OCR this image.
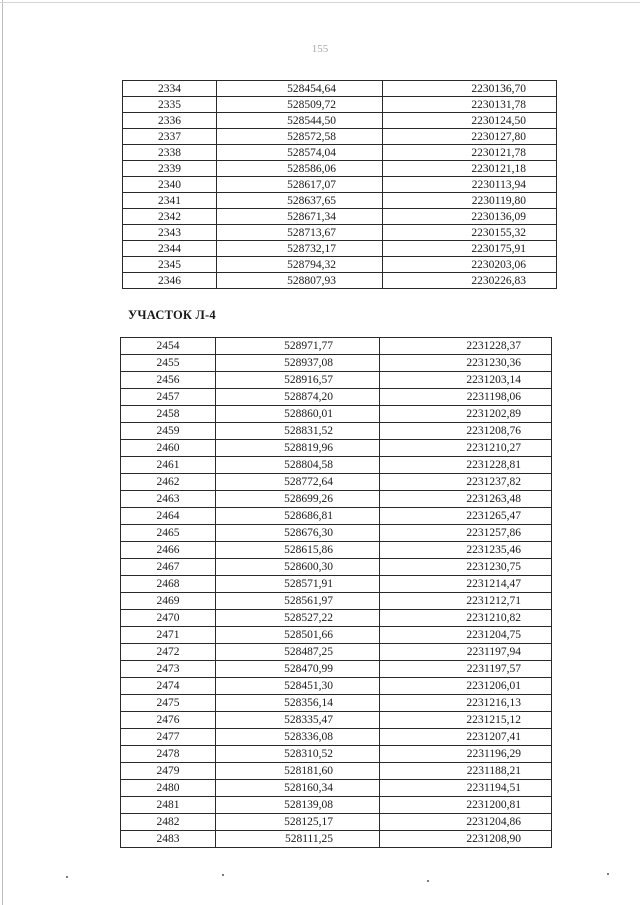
155
2334	528454,64	2230136,70
2335	528509,72	2230131,78
2336	528544,50	2230124,50
2337	528572,58	2230127,80
2338	528574,04	2230121,78
2339	528586,06	2230121,18
2340	528617,07	2230113,94
2341	528637,65	2230119,80
2342	528671,34	2230136,09
2343	528713,67	2230155,32
2344	528732,17	2230175,91
2345	528794,32	2230203,06
2346	528807,93	2230226,83
УЧАСТОК Л-4
2454	528971,77	2231228,37
2455	528937,08	2231230,36
2456	528916,57	2231203,14
2457	528874,20	2231198,06
2458	528860,01	2231202,89
2459	528831,52	2231208,76
2460	528819,96	2231210,27
2461	528804,58	2231228,81
2462	528772,64	2231237,82
2463	528699,26	2231263,48
2464	528686,81	2231265,47
2465	528676,30	2231257,86
2466	528615,86	2231235,46
2467	528600,30	2231230,75
2468	528571,91	2231214,47
2469	528561,97	2231212,71
2470	528527,22	2231210,82
2471	528501,66	2231204,75
2472	528487,25	2231197,94
2473	528470,99	2231197,57
2474	528451,30	2231206,01
2475	528356,14	2231216,13
2476	528335,47	2231215,12
2477	528336,08	2231207,41
2478	528310,52	2231196,29
2479	528181,60	2231188,21
2480	528160,34	2231194,51
2481	528139,08	2231200,81
2482	528125,17	2231204,86
2483	528111,25	2231208,90
